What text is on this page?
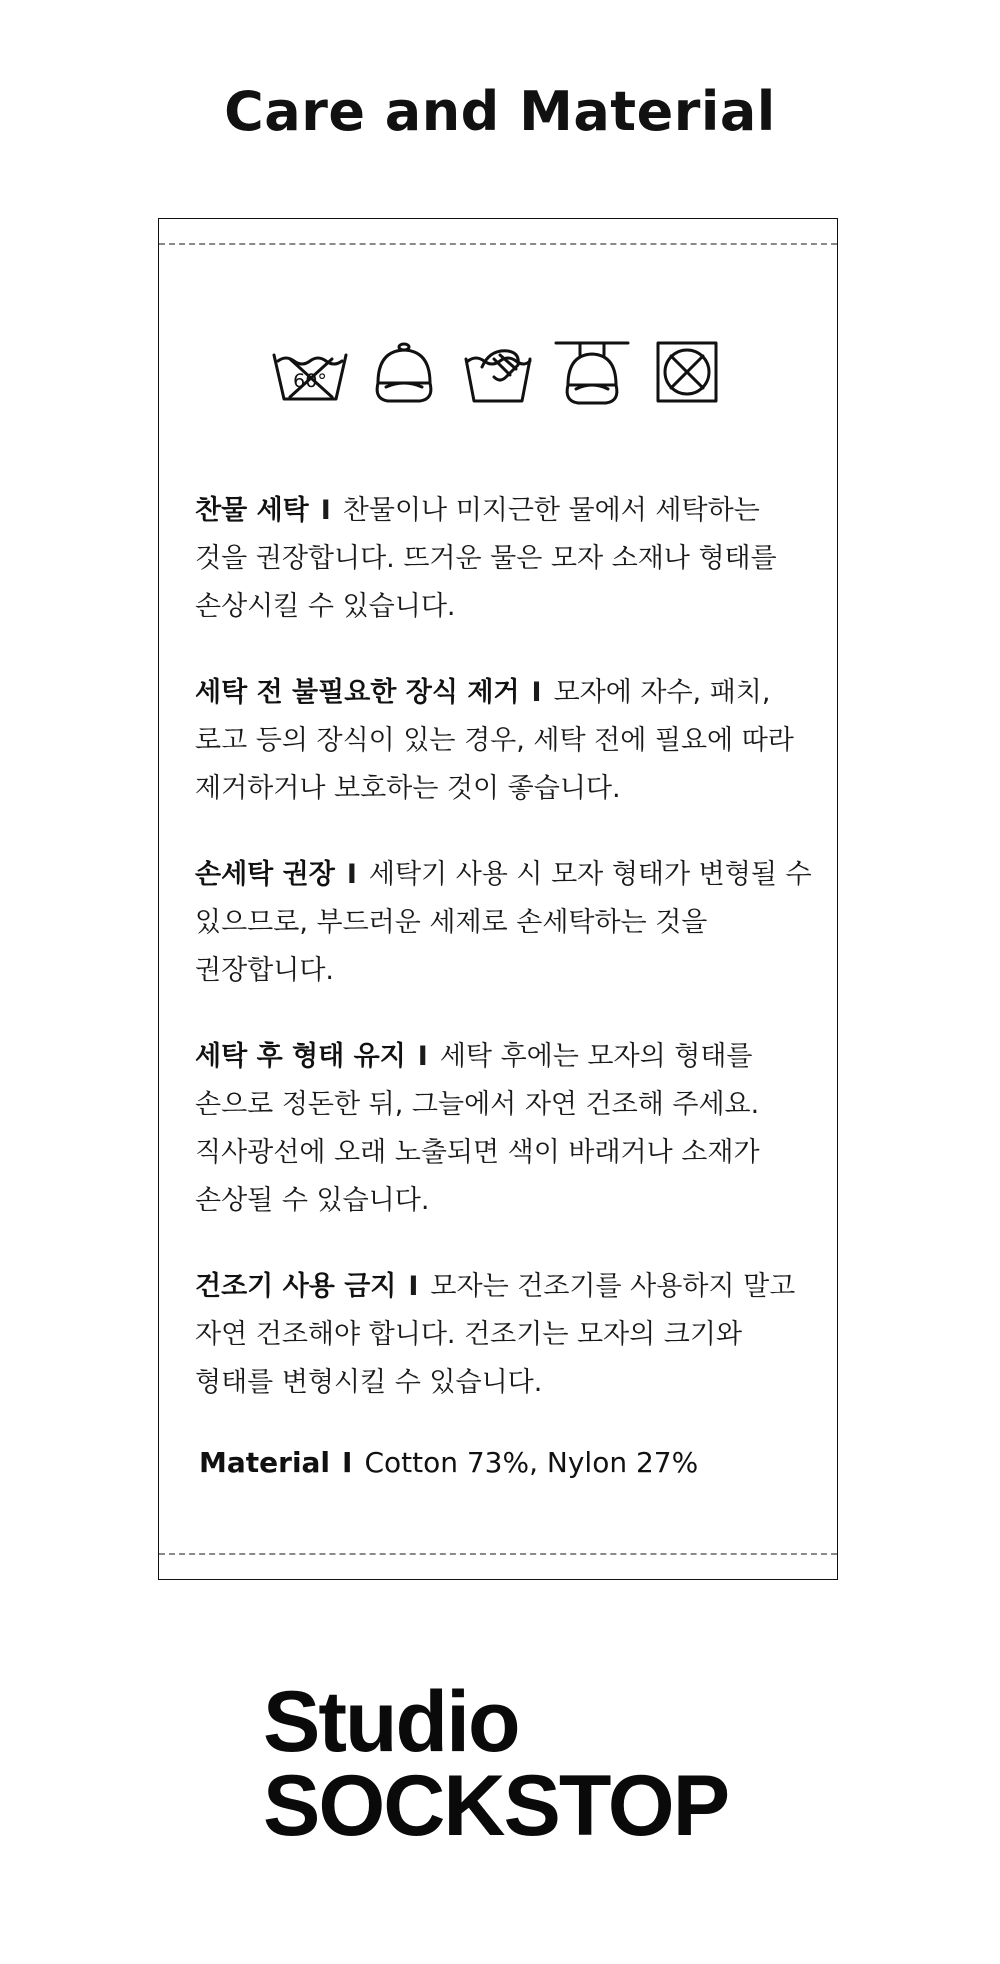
Care and Material
60°

찬물 세탁 I 찬물이나 미지근한 물에서 세탁하는 것을 권장합니다. 뜨거운 물은 모자 소재나 형태를 손상시킬 수 있습니다.

세탁 전 불필요한 장식 제거 I 모자에 자수, 패치, 로고 등의 장식이 있는 경우, 세탁 전에 필요에 따라 제거하거나 보호하는 것이 좋습니다.

손세탁 권장 I 세탁기 사용 시 모자 형태가 변형될 수 있으므로, 부드러운 세제로 손세탁하는 것을 권장합니다.

세탁 후 형태 유지 I 세탁 후에는 모자의 형태를 손으로 정돈한 뒤, 그늘에서 자연 건조해 주세요. 직사광선에 오래 노출되면 색이 바래거나 소재가 손상될 수 있습니다.

건조기 사용 금지 I 모자는 건조기를 사용하지 말고 자연 건조해야 합니다. 건조기는 모자의 크기와 형태를 변형시킬 수 있습니다.

Material I Cotton 73%, Nylon 27%
Studio
SOCKSTOP
